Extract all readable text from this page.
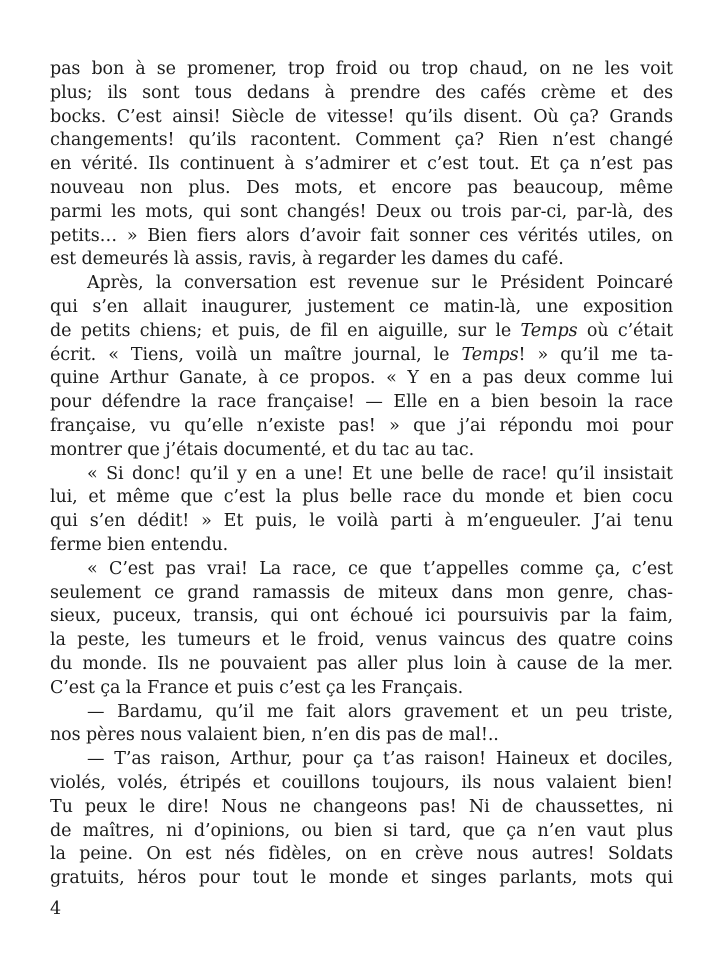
pas bon à se promener, trop froid ou trop chaud, on ne les voit
plus; ils sont tous dedans à prendre des cafés crème et des
bocks. C’est ainsi! Siècle de vitesse! qu’ils disent. Où ça? Grands
changements! qu’ils racontent. Comment ça? Rien n’est changé
en vérité. Ils continuent à s’admirer et c’est tout. Et ça n’est pas
nouveau non plus. Des mots, et encore pas beaucoup, même
parmi les mots, qui sont changés! Deux ou trois par-ci, par-là, des
petits… » Bien fiers alors d’avoir fait sonner ces vérités utiles, on
est demeurés là assis, ravis, à regarder les dames du café.
Après, la conversation est revenue sur le Président Poincaré
qui s’en allait inaugurer, justement ce matin-là, une exposition
de petits chiens; et puis, de fil en aiguille, sur le Temps où c’était
écrit. « Tiens, voilà un maître journal, le Temps! » qu’il me ta-
quine Arthur Ganate, à ce propos. « Y en a pas deux comme lui
pour défendre la race française! — Elle en a bien besoin la race
française, vu qu’elle n’existe pas! » que j’ai répondu moi pour
montrer que j’étais documenté, et du tac au tac.
« Si donc! qu’il y en a une! Et une belle de race! qu’il insistait
lui, et même que c’est la plus belle race du monde et bien cocu
qui s’en dédit! » Et puis, le voilà parti à m’engueuler. J’ai tenu
ferme bien entendu.
« C’est pas vrai! La race, ce que t’appelles comme ça, c’est
seulement ce grand ramassis de miteux dans mon genre, chas-
sieux, puceux, transis, qui ont échoué ici poursuivis par la faim,
la peste, les tumeurs et le froid, venus vaincus des quatre coins
du monde. Ils ne pouvaient pas aller plus loin à cause de la mer.
C’est ça la France et puis c’est ça les Français.
— Bardamu, qu’il me fait alors gravement et un peu triste,
nos pères nous valaient bien, n’en dis pas de mal!..
— T’as raison, Arthur, pour ça t’as raison! Haineux et dociles,
violés, volés, étripés et couillons toujours, ils nous valaient bien!
Tu peux le dire! Nous ne changeons pas! Ni de chaussettes, ni
de maîtres, ni d’opinions, ou bien si tard, que ça n’en vaut plus
la peine. On est nés fidèles, on en crève nous autres! Soldats
gratuits, héros pour tout le monde et singes parlants, mots qui
4
